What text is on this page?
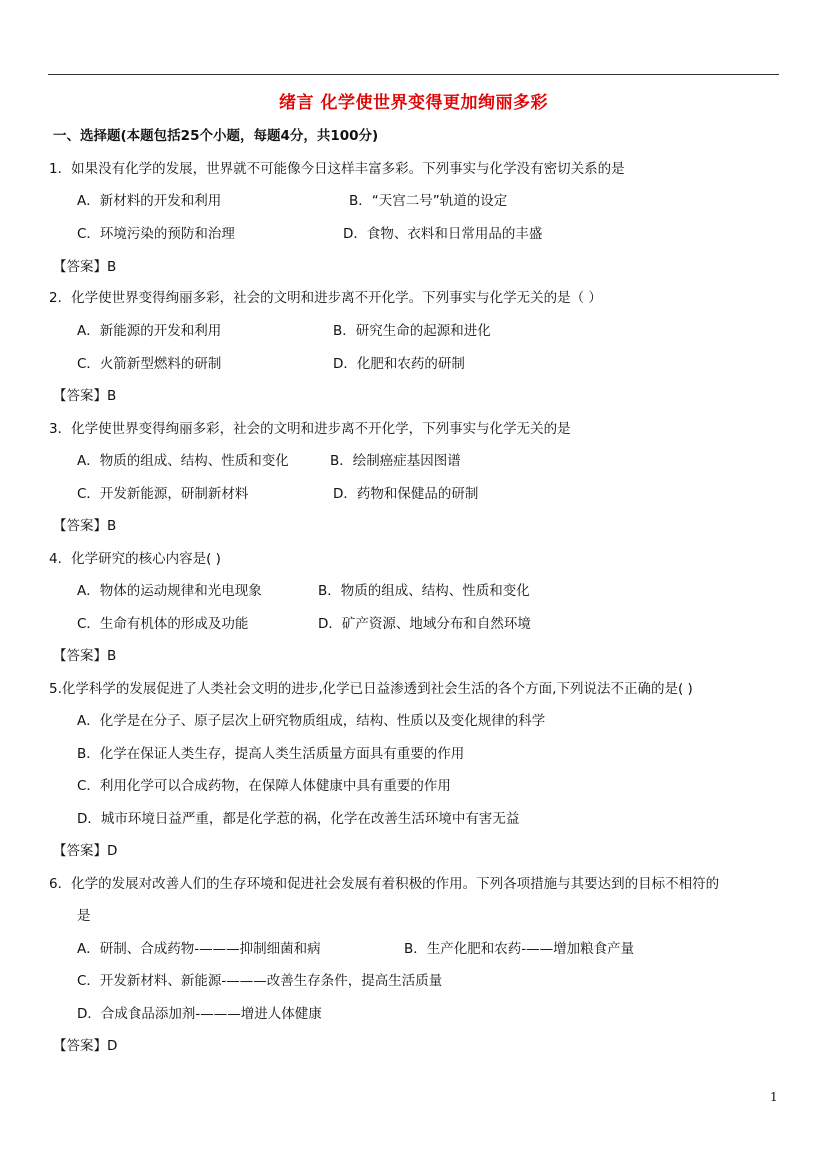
绪言 化学使世界变得更加绚丽多彩
一、选择题(本题包括25个小题，每题4分，共100分)
1．如果没有化学的发展，世界就不可能像今日这样丰富多彩。下列事实与化学没有密切关系的是
A．新材料的开发和利用	B．“天宫二号”轨道的设定
C．环境污染的预防和治理	D．食物、衣料和日常用品的丰盛
【答案】B
2．化学使世界变得绚丽多彩，社会的文明和进步离不开化学。下列事实与化学无关的是（ ）
A．新能源的开发和利用	B．研究生命的起源和进化
C．火箭新型燃料的研制	D．化肥和农药的研制
【答案】B
3．化学使世界变得绚丽多彩，社会的文明和进步离不开化学，下列事实与化学无关的是
A．物质的组成、结构、性质和变化	B．绘制癌症基因图谱
C．开发新能源，研制新材料	D．药物和保健品的研制
【答案】B
4．化学研究的核心内容是( )
A．物体的运动规律和光电现象	B．物质的组成、结构、性质和变化
C．生命有机体的形成及功能	D．矿产资源、地域分布和自然环境
【答案】B
5.化学科学的发展促进了人类社会文明的进步,化学已日益渗透到社会生活的各个方面,下列说法不正确的是( )
A．化学是在分子、原子层次上研究物质组成，结构、性质以及变化规律的科学
B．化学在保证人类生存，提高人类生活质量方面具有重要的作用
C．利用化学可以合成药物，在保障人体健康中具有重要的作用
D．城市环境日益严重，都是化学惹的祸，化学在改善生活环境中有害无益
【答案】D
6．化学的发展对改善人们的生存环境和促进社会发展有着积极的作用。下列各项措施与其要达到的目标不相符的
是
A．研制、合成药物-———抑制细菌和病	B．生产化肥和农药-——增加粮食产量
C．开发新材料、新能源-———改善生存条件，提高生活质量
D．合成食品添加剂-———增进人体健康
【答案】D
1
